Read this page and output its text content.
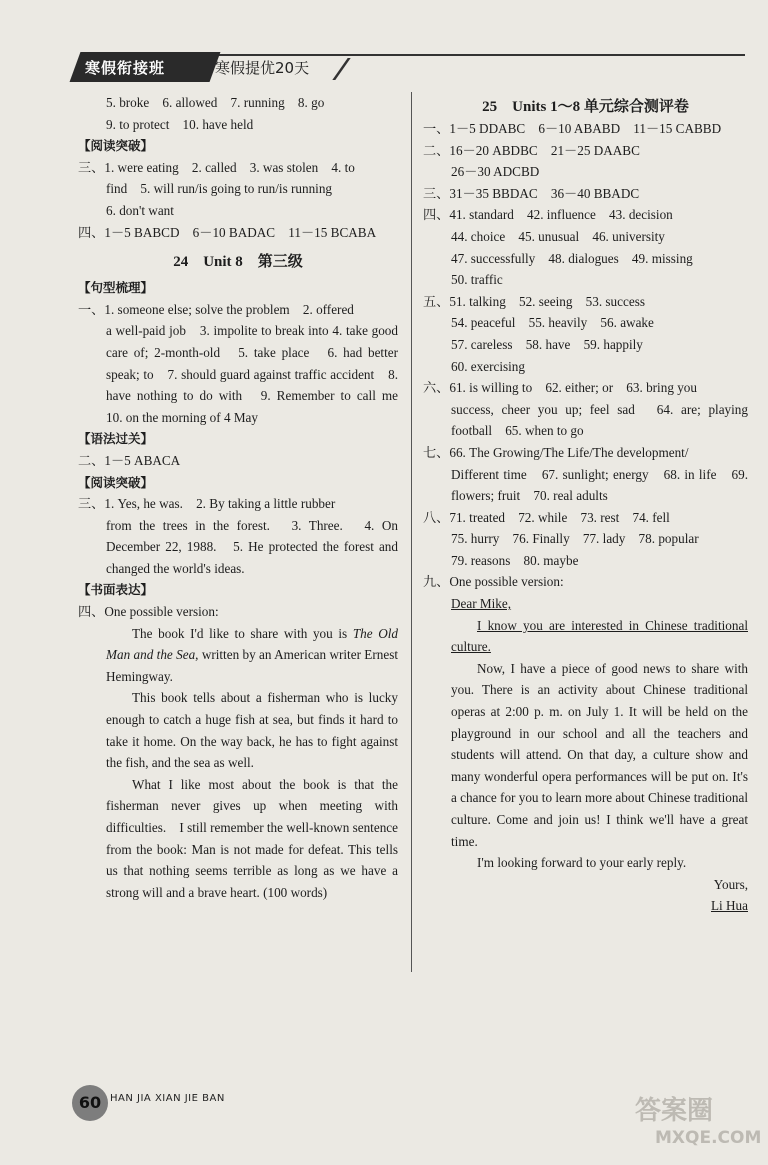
寒假衔接班	寒假提优20天
5. broke　6. allowed　7. running　8. go
9. to protect　10. have held
【阅读突破】
三、1. were eating　2. called　3. was stolen　4. to
find　5. will run/is going to run/is running
6. don't want
四、1－5 BABCD　6－10 BADAC　11－15 BCABA
24　Unit 8　第三级
【句型梳理】
一、1. someone else; solve the problem　2. offered
a well-paid job　3. impolite to break into 4. take good care of; 2-month-old　5. take place　6. had better speak; to　7. should guard against traffic accident　8. have nothing to do with　9. Remember to call me　10. on the morning of 4 May
【语法过关】
二、1－5 ABACA
【阅读突破】
三、1. Yes, he was.　2. By taking a little rubber
from the trees in the forest.　3. Three.　4. On December 22, 1988.　5. He protected the forest and changed the world's ideas.
【书面表达】
四、One possible version:
The book I'd like to share with you is The Old Man and the Sea, written by an American writer Ernest Hemingway.
This book tells about a fisherman who is lucky enough to catch a huge fish at sea, but finds it hard to take it home. On the way back, he has to fight against the fish, and the sea as well.
What I like most about the book is that the fisherman never gives up when meeting with difficulties.　I still remember the well-known sentence from the book: Man is not made for defeat. This tells us that nothing seems terrible as long as we have a strong will and a brave heart. (100 words)
25　Units 1～8 单元综合测评卷
一、1－5 DDABC　6－10 ABABD　11－15 CABBD
二、16－20 ABDBC　21－25 DAABC
26－30 ADCBD
三、31－35 BBDAC　36－40 BBADC
四、41. standard　42. influence　43. decision
44. choice　45. unusual　46. university
47. successfully　48. dialogues　49. missing
50. traffic
五、51. talking　52. seeing　53. success
54. peaceful　55. heavily　56. awake
57. careless　58. have　59. happily
60. exercising
六、61. is willing to　62. either; or　63. bring you
success, cheer you up; feel sad　64. are; playing football　65. when to go
七、66. The Growing/The Life/The development/
Different time　67. sunlight; energy　68. in life　69. flowers; fruit　70. real adults
八、71. treated　72. while　73. rest　74. fell
75. hurry　76. Finally　77. lady　78. popular
79. reasons　80. maybe
九、One possible version:
Dear Mike,
I know you are interested in Chinese traditional culture.
Now, I have a piece of good news to share with you. There is an activity about Chinese traditional operas at 2:00 p. m. on July 1. It will be held on the playground in our school and all the teachers and students will attend. On that day, a culture show and many wonderful opera performances will be put on. It's a chance for you to learn more about Chinese traditional culture. Come and join us! I think we'll have a great time.
I'm looking forward to your early reply.
Yours,
Li Hua
60 HAN JIA XIAN JIE BAN	答案圈
MXQE.COM
